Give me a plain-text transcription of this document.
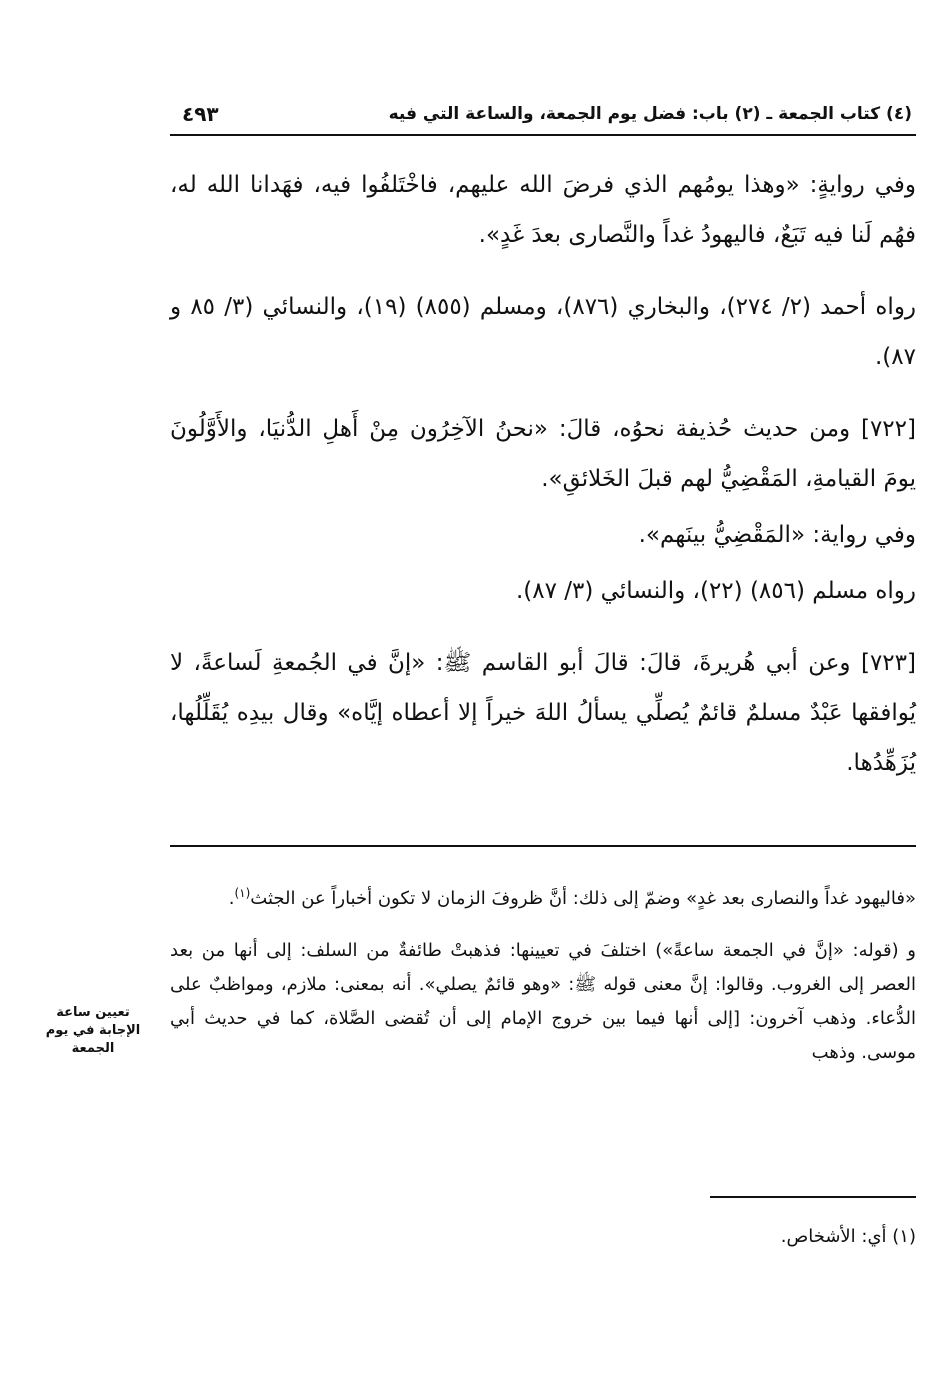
(٤) كتاب الجمعة ـ (٢) باب: فضل يوم الجمعة، والساعة التي فيه
٤٩٣

وفي روايةٍ: «وهذا يومُهم الذي فرضَ الله عليهم، فاخْتَلفُوا فيه، فهَدانا الله له، فهُم لَنا فيه تَبَعٌ، فاليهودُ غداً والنَّصارى بعدَ غَدٍ».

رواه أحمد (٢/ ٢٧٤)، والبخاري (٨٧٦)، ومسلم (٨٥٥) (١٩)، والنسائي (٣/ ٨٥ و ٨٧).

[٧٢٢] ومن حديث حُذيفة نحوُه، قالَ: «نحنُ الآخِرُون مِنْ أَهلِ الدُّنيَا، والأَوَّلُونَ يومَ القيامةِ، المَقْضِيُّ لهم قبلَ الخَلائقِ».

وفي رواية: «المَقْضِيُّ بينَهم».

رواه مسلم (٨٥٦) (٢٢)، والنسائي (٣/ ٨٧).

[٧٢٣] وعن أبي هُريرةَ، قالَ: قالَ أبو القاسم ﷺ: «إنَّ في الجُمعةِ لَساعةً، لا يُوافقها عَبْدٌ مسلمٌ قائمٌ يُصلِّي يسألُ اللهَ خيراً إلا أعطاه إيَّاه» وقال بيدِه يُقَلِّلُها، يُزَهِّدُها.

«فاليهود غداً والنصارى بعد غدٍ» وضمّ إلى ذلك: أنَّ ظروفَ الزمان لا تكون أخباراً عن الجثث$^{(١)}$.

و (قوله: «إنَّ في الجمعة ساعةً») اختلفَ في تعيينها: فذهبتْ طائفةٌ من السلف: إلى أنها من بعد العصر إلى الغروب. وقالوا: إنَّ معنى قوله ﷺ: «وهو قائمٌ يصلي». أنه بمعنى: ملازم، ومواظبٌ على الدُّعاء. وذهب آخرون: [إلى أنها فيما بين خروج الإمام إلى أن تُقضى الصَّلاة، كما في حديث أبي موسى. وذهب

تعيين ساعة
الإجابة في يوم
الجمعة
(١) أي: الأشخاص.
